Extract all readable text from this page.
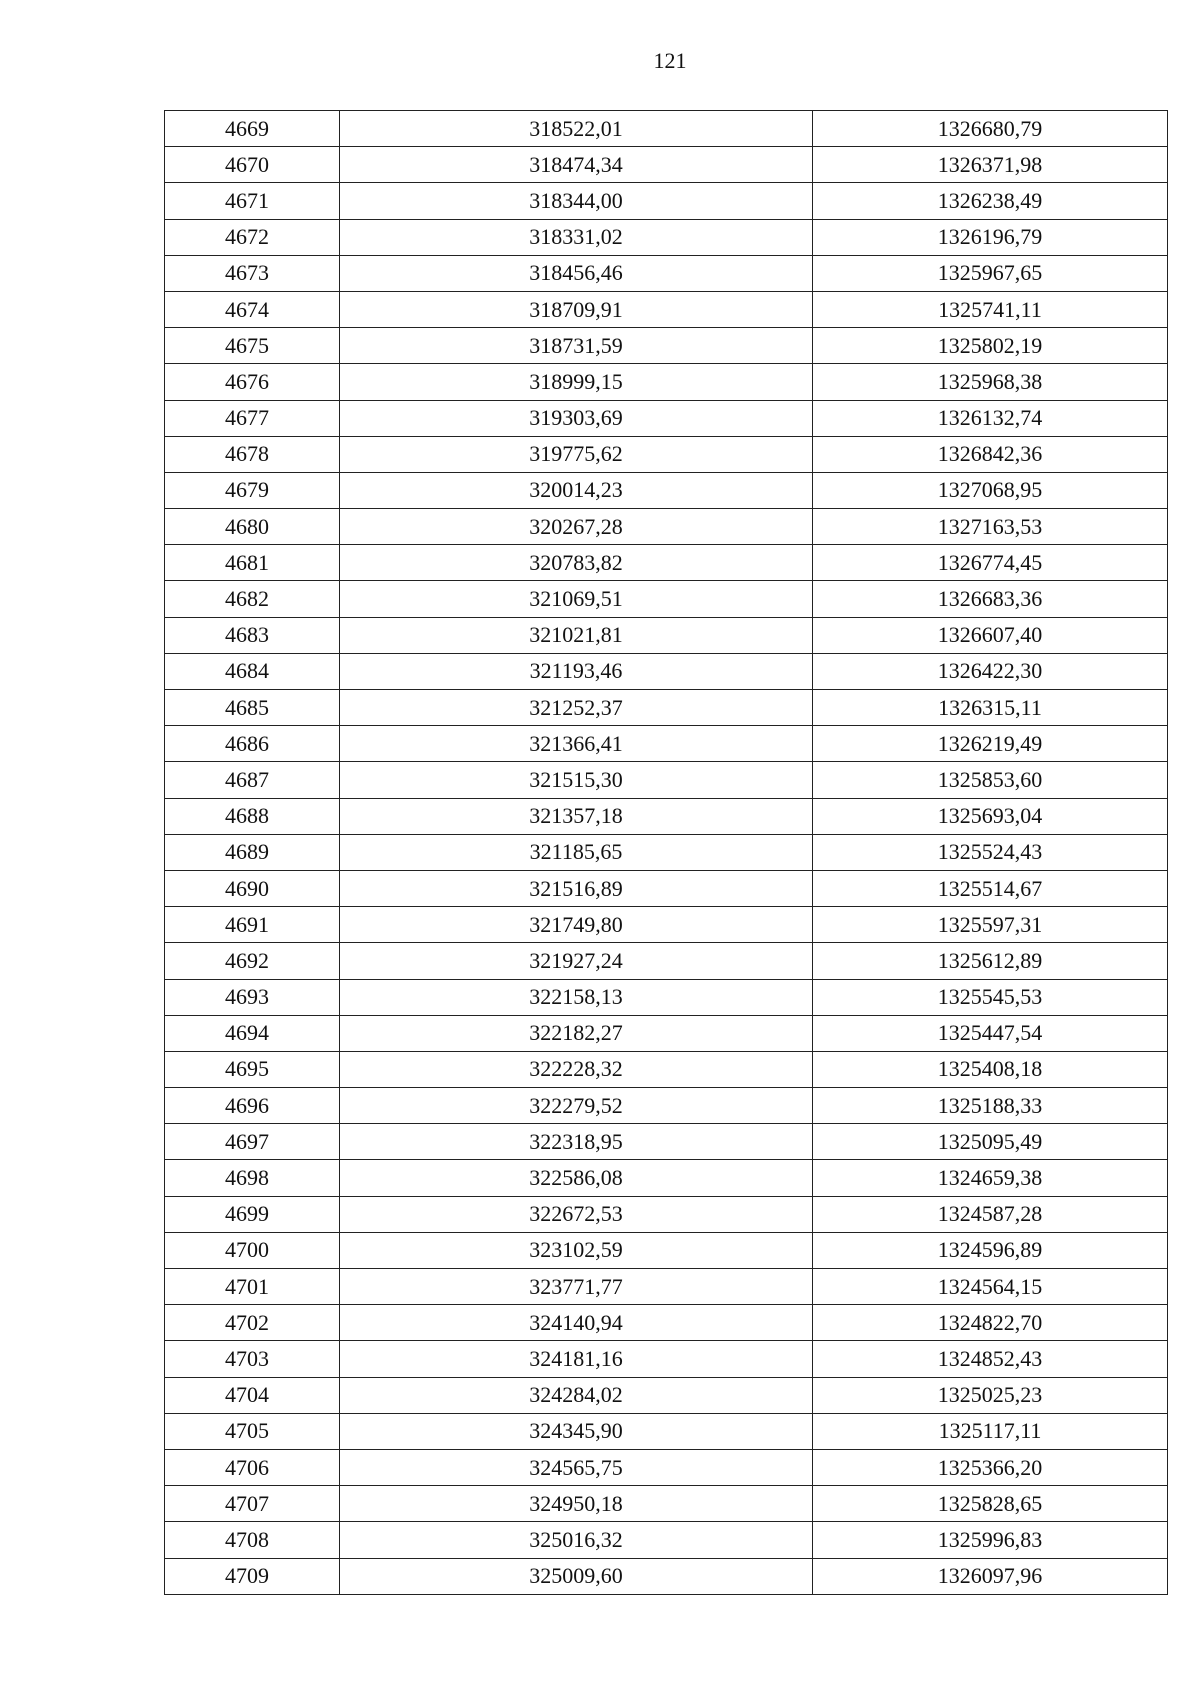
121
4669	318522,01	1326680,79
4670	318474,34	1326371,98
4671	318344,00	1326238,49
4672	318331,02	1326196,79
4673	318456,46	1325967,65
4674	318709,91	1325741,11
4675	318731,59	1325802,19
4676	318999,15	1325968,38
4677	319303,69	1326132,74
4678	319775,62	1326842,36
4679	320014,23	1327068,95
4680	320267,28	1327163,53
4681	320783,82	1326774,45
4682	321069,51	1326683,36
4683	321021,81	1326607,40
4684	321193,46	1326422,30
4685	321252,37	1326315,11
4686	321366,41	1326219,49
4687	321515,30	1325853,60
4688	321357,18	1325693,04
4689	321185,65	1325524,43
4690	321516,89	1325514,67
4691	321749,80	1325597,31
4692	321927,24	1325612,89
4693	322158,13	1325545,53
4694	322182,27	1325447,54
4695	322228,32	1325408,18
4696	322279,52	1325188,33
4697	322318,95	1325095,49
4698	322586,08	1324659,38
4699	322672,53	1324587,28
4700	323102,59	1324596,89
4701	323771,77	1324564,15
4702	324140,94	1324822,70
4703	324181,16	1324852,43
4704	324284,02	1325025,23
4705	324345,90	1325117,11
4706	324565,75	1325366,20
4707	324950,18	1325828,65
4708	325016,32	1325996,83
4709	325009,60	1326097,96
